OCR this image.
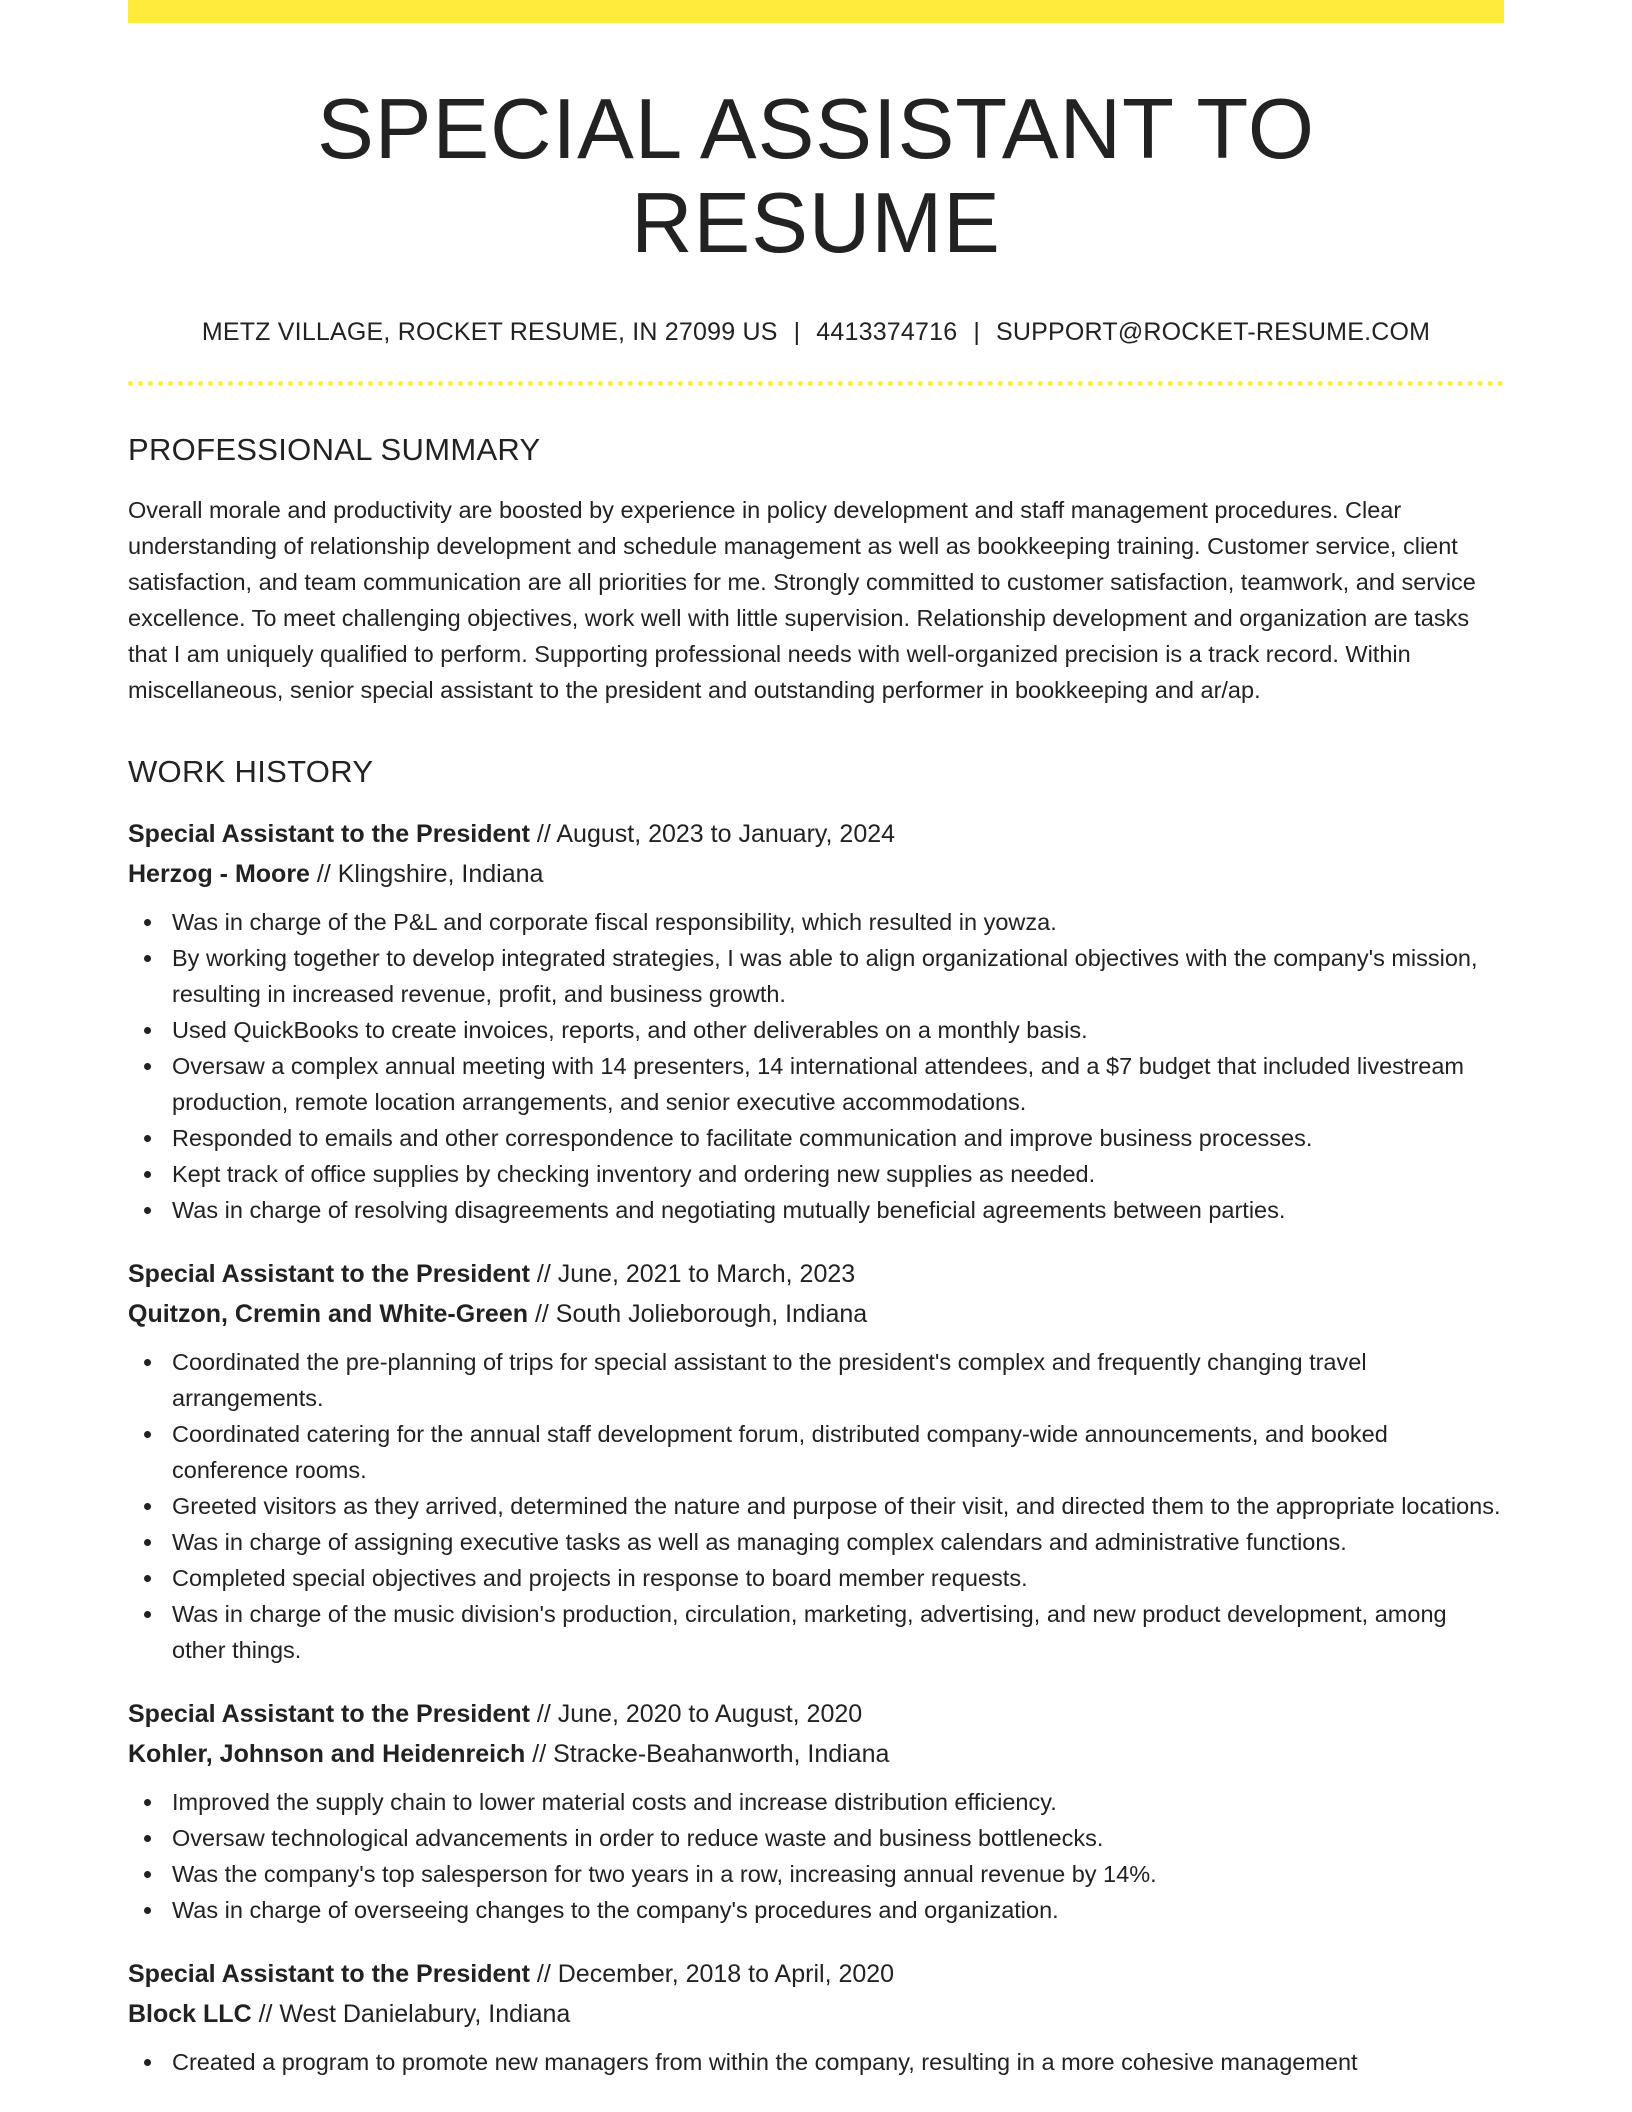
SPECIAL ASSISTANT TO RESUME
METZ VILLAGE, ROCKET RESUME, IN 27099 US | 4413374716 | SUPPORT@ROCKET-RESUME.COM
PROFESSIONAL SUMMARY
Overall morale and productivity are boosted by experience in policy development and staff management procedures. Clear understanding of relationship development and schedule management as well as bookkeeping training. Customer service, client satisfaction, and team communication are all priorities for me. Strongly committed to customer satisfaction, teamwork, and service excellence. To meet challenging objectives, work well with little supervision. Relationship development and organization are tasks that I am uniquely qualified to perform. Supporting professional needs with well-organized precision is a track record. Within miscellaneous, senior special assistant to the president and outstanding performer in bookkeeping and ar/ap.
WORK HISTORY
Special Assistant to the President // August, 2023 to January, 2024
Herzog - Moore // Klingshire, Indiana
Was in charge of the P&L and corporate fiscal responsibility, which resulted in yowza.
By working together to develop integrated strategies, I was able to align organizational objectives with the company's mission, resulting in increased revenue, profit, and business growth.
Used QuickBooks to create invoices, reports, and other deliverables on a monthly basis.
Oversaw a complex annual meeting with 14 presenters, 14 international attendees, and a $7 budget that included livestream production, remote location arrangements, and senior executive accommodations.
Responded to emails and other correspondence to facilitate communication and improve business processes.
Kept track of office supplies by checking inventory and ordering new supplies as needed.
Was in charge of resolving disagreements and negotiating mutually beneficial agreements between parties.
Special Assistant to the President // June, 2021 to March, 2023
Quitzon, Cremin and White-Green // South Jolieborough, Indiana
Coordinated the pre-planning of trips for special assistant to the president's complex and frequently changing travel arrangements.
Coordinated catering for the annual staff development forum, distributed company-wide announcements, and booked conference rooms.
Greeted visitors as they arrived, determined the nature and purpose of their visit, and directed them to the appropriate locations.
Was in charge of assigning executive tasks as well as managing complex calendars and administrative functions.
Completed special objectives and projects in response to board member requests.
Was in charge of the music division's production, circulation, marketing, advertising, and new product development, among other things.
Special Assistant to the President // June, 2020 to August, 2020
Kohler, Johnson and Heidenreich // Stracke-Beahanworth, Indiana
Improved the supply chain to lower material costs and increase distribution efficiency.
Oversaw technological advancements in order to reduce waste and business bottlenecks.
Was the company's top salesperson for two years in a row, increasing annual revenue by 14%.
Was in charge of overseeing changes to the company's procedures and organization.
Special Assistant to the President // December, 2018 to April, 2020
Block LLC // West Danielabury, Indiana
Created a program to promote new managers from within the company, resulting in a more cohesive management
